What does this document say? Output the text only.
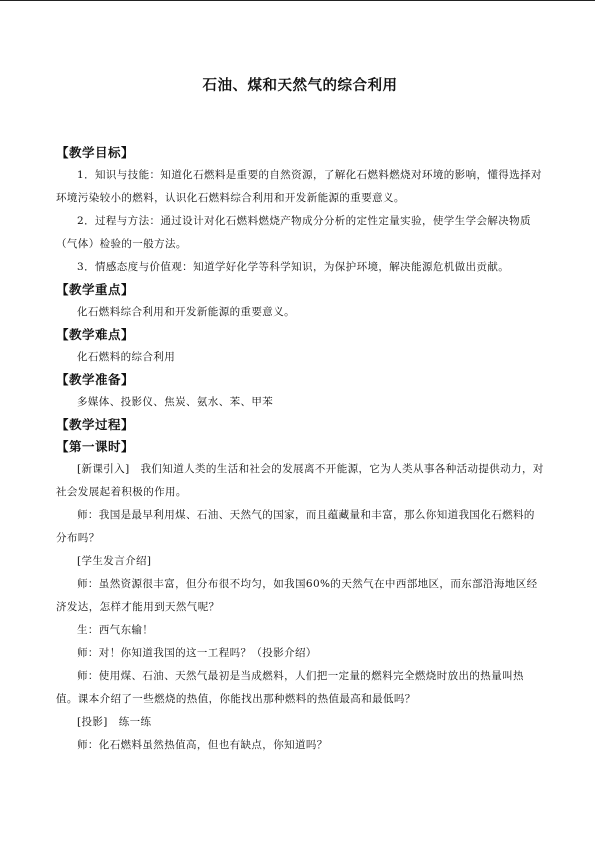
石油、煤和天然气的综合利用

【教学目标】

1．知识与技能：知道化石燃料是重要的自然资源，了解化石燃料燃烧对环境的影响，懂得选择对环境污染较小的燃料，认识化石燃料综合利用和开发新能源的重要意义。

2．过程与方法：通过设计对化石燃料燃烧产物成分分析的定性定量实验，使学生学会解决物质（气体）检验的一般方法。

3．情感态度与价值观：知道学好化学等科学知识，为保护环境，解决能源危机做出贡献。

【教学重点】

化石燃料综合利用和开发新能源的重要意义。

【教学难点】

化石燃料的综合利用

【教学准备】

多媒体、投影仪、焦炭、氨水、苯、甲苯

【教学过程】

【第一课时】

[新课引入]　我们知道人类的生活和社会的发展离不开能源，它为人类从事各种活动提供动力，对社会发展起着积极的作用。

师：我国是最早利用煤、石油、天然气的国家，而且蕴藏量和丰富，那么你知道我国化石燃料的分布吗？

[学生发言介绍]

师：虽然资源很丰富，但分布很不均匀，如我国60%的天然气在中西部地区，而东部沿海地区经济发达，怎样才能用到天然气呢？

生：西气东输！

师：对！你知道我国的这一工程吗？（投影介绍）

师：使用煤、石油、天然气最初是当成燃料，人们把一定量的燃料完全燃烧时放出的热量叫热值。课本介绍了一些燃烧的热值，你能找出那种燃料的热值最高和最低吗？

[投影]　练一练

师：化石燃料虽然热值高，但也有缺点，你知道吗？
